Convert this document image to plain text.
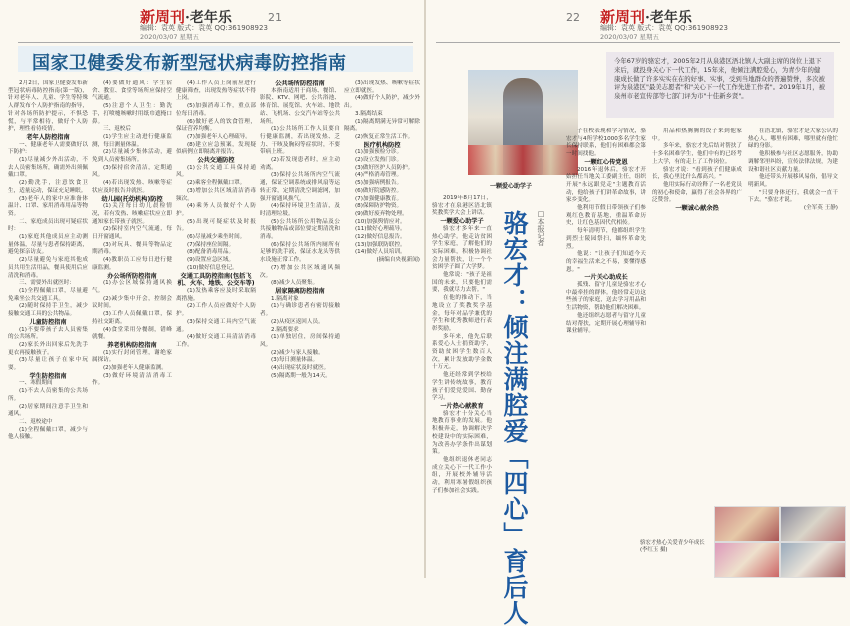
新周刊·老年乐	21
编辑：袁英 版式：袁英 QQ:361908923
2020/03/07 星期五
国家卫健委发布新型冠状病毒防控指南

2月2日，国家卫健委发布新型冠状病毒防控指南(第一版)，针对老年人、儿童、学生等特殊人群发布个人防护指南的指导，针对各场所防护提示，不惧恐慌，与平常相待，做好个人防护，理性看待疫情。

老年人防控指南

一、健康老年人需要做好以下防护：

(1)尽量减少外出活动，不去人员密集场所，确需外出须佩戴口罩。

(2)勤洗手，注意饮食卫生，适量运动，保证充足睡眠。

(3)老年人的家中应准备体温计、口罩、家用消毒用品等物资。

二、家庭成员出现可疑症状时：

(1)家庭其他成员应主动测量体温，尽量与患者保持距离，避免探亲访友。

(2)尽量避免与家庭其他成员共用生活用品，餐具使用后应清洗和消毒。

三、需要外出就医时：

(1)全程佩戴口罩，尽量避免乘坐公共交通工具。

(2)随时保持手卫生，减少接触交通工具的公共物品。

儿童防控指南

(1)不要带孩子去人员密集的公共场所。

(2)家长外出回家后先洗手更衣再接触孩子。

(3)尽量让孩子在家中玩耍。

学生防控指南

一、寒假期间

(1)不去人员密集的公共场所。

(2)居家期间注意手卫生和通风。

二、返校途中

(1)全程佩戴口罩，减少与他人接触。

(4)要做好通风：学生宿舍、教室、食堂等场所应保持空气流通。

(5)注意个人卫生：勤洗手，打喷嚏咳嗽时用纸巾遮掩口鼻。

三、返校后

(1)学生应主动进行健康监测，每日测量体温。

(2)尽量减少集体活动，避免到人员密集场所。

(3)保持宿舍清洁，定期通风。

(4)若出现发热、咳嗽等症状应及时报告并就医。

幼儿园(托幼机构)防控

(1)关注每日幼儿晨检情况，若有发热、咳嗽症状应立即通知家长带孩子就医。

(2)保持室内空气流通，每日开窗通风。

(3)对玩具、餐具等物品定期消毒。

(4)教职员工应每日进行健康监测。

办公场所防控指南

(1)办公区域保持通风换气。

(2)减少集中开会，控制会议时间。

(3)工作人员佩戴口罩，保持社交距离。

(4)食堂采用分餐制，错峰就餐。

养老机构防控指南

(1)实行封闭管理，谢绝家属探访。

(2)加强老年人健康监测。

(3)做好环境清洁消毒工作。

(4)工作人员上岗前应进行健康筛查，出现发热等症状不得上岗。

(5)加强消毒工作，重点部位每日消毒。

(6)做好老人的饮食管理，保证营养均衡。

(7)加强老年人心理疏导。

(8)建立应急预案，发现疑似病例立即隔离并报告。

公共交通防控

(1)公共交通工具保持通风。

(2)乘客全程佩戴口罩。

(3)增加公共区域清洁消毒频次。

(4)乘务人员做好个人防护。

(5)出现可疑症状及时报告。

(6)尽量减少乘坐时间。

(7)保持座位间隔。

(8)配备消毒用品。

(9)设置应急区域。

(10)做好信息登记。

交通工具防控指南(包括飞机、火车、地铁、公交车等)

(1)发热乘客应及时采取隔离措施。

(2)工作人员应做好个人防护。

(3)保持交通工具内空气流通。

(4)做好交通工具清洁消毒工作。

公共场所防控指南

本指南适用于商场、餐馆、影院、KTV、网吧、公共浴池、体育馆、展览馆、火车站、地铁站、飞机场、公交汽车站等公共场所。

(1)公共场所工作人员要自行健康监测，若出现发热、乏力、干咳及胸闷等症状时，不要带病上班。

(2)若发现患者时，应主动劝离。

(3)保持公共场所内空气流通，保证空调系统或排风扇等运转正常，定期清洗空调滤网，加强开窗通风换气。

(4)保持环境卫生清洁，及时清理垃圾。

(5)公共场所公用物品及公共接触物品或部位要定期清洗和消毒。

(6)保持公共场所内厕所有足够的洗手液，保证水龙头等供水设施正常工作。

(7)增加公共区域通风频次。

(8)减少人员聚集。

居家隔离防控指南

1.隔离对象

(1)与确诊患者有密切接触者。

(2)从疫区返回人员。

2.隔离要求

(1)单独居住，房间保持通风。

(2)减少与家人接触。

(3)每日测量体温。

(4)出现症状及时就医。

(5)隔离期一般为14天。

(3)出现发热、咳嗽等症状应立即就医。

(4)做好个人防护，减少外出。

3.隔离结束

(1)隔离期满无异常可解除隔离。

(2)恢复正常生活工作。

医疗机构防控

(1)加强预检分诊。

(2)设立发热门诊。

(3)做好医护人员防护。

(4)严格消毒管理。

(5)加强病例报告。

(6)做好院感防控。

(7)加强健康教育。

(8)保障防护物资。

(9)做好废弃物处理。

(10)加强舆情应对。

(11)做好心理疏导。

(12)做好信息报告。

(13)加强联防联控。

(14)做好人员培训。

(摘编自央视新闻)

22 新周刊·老年乐
编辑：袁英 版式：袁英 QQ:361908923
2020/03/07 星期五
一颗爱心助学子
骆宏才：倾注满腔爱「四心」育后人	□本报记者
今年67岁的骆宏才，2005年2月从泉港区浯北镇人大副主席的岗位上退下来后，就投身关心下一代工作，15年来，他倾注满腔爱心，为青少年的健康成长做了许多实实在在的好事、实事，受到当地群众的普遍赞誉，多次被评为泉港区"最美志愿者"和"关心下一代工作先进工作者"。2019年1月，被泉州市老宣传部等七部门评为市"十佳新乡贤"。

2019年8月17日，骆宏才在泉港区浯北镇奖教奖学大会上讲话。

一颗爱心助学子

骆宏才多年来一直热心助学。他走访贫困学生家庭，了解他们的实际困难，积极协调社会力量帮扶，让一个个贫困学子圆了大学梦。

他常说："孩子是祖国的未来，只要他们需要，我就尽力去帮。"

在他的推动下，当地设立了奖教奖学基金，每年对品学兼优的学生和优秀教师进行表彰奖励。

多年来，他先后联系爱心人士捐资助学，资助贫困学生数百人次，累计发放助学金数十万元。

他还经常到学校给学生讲传统故事，教育孩子们爱党爱国、勤奋学习。

一片热心献教育

骆宏才十分关心当地教育事业的发展。他积极奔走，协调解决学校建设中的实际困难，为改善办学条件出谋划策。

他组织退休老同志成立关心下一代工作小组，开展校外辅导活动，利用寒暑假组织孩子们参加社会实践。

子在校表现和学习情况，骆宏才与4所学校1000多名学生家长保持联系，他们有困难都会第一时间找他。

一颗红心传党恩

2016年退休后，骆宏才开始担任当地关工委副主任，组织开展"永远跟党走"主题教育活动，他给孩子们讲革命故事，讲家乡变化。

他利用节假日带领孩子们参观红色教育基地，重温革命历史，让红色基因代代相传。

每年清明节，他都组织学生到烈士陵园祭扫，缅怀革命先烈。

他说："让孩子们知道今天的幸福生活来之不易，要懂得感恩。"

一片关心助成长

孤残、留守儿童是骆宏才心中最牵挂的群体。他经常走访这些孩子的家庭，送去学习用品和生活物资，帮助他们解决困难。

他还组织志愿者与留守儿童结对帮扶，定期开展心理辅导和课业辅导。

用品和热腾腾的饺子来到他家中。

多年来，骆宏才先后结对帮扶了十多名困难学生，他们中有的已经考上大学，有的走上了工作岗位。

骆宏才说："看到孩子们健康成长，我心里比什么都高兴。"

他用实际行动诠释了一名老党员的初心和使命，赢得了社会各界的广泛赞誉。

一颗诚心献余热

在浯北镇，骆宏才是大家公认的热心人。哪里有困难，哪里就有他忙碌的身影。

他积极参与社区志愿服务，协助调解邻里纠纷，宣传法律法规，为建设和谐社区贡献力量。

他还带头开展移风易俗，倡导文明新风。

"只要身体还行，我就会一直干下去。"骆宏才说。

(全军英 王静)

骆宏才热心关爱青少年成长 (李红玉 摄)
